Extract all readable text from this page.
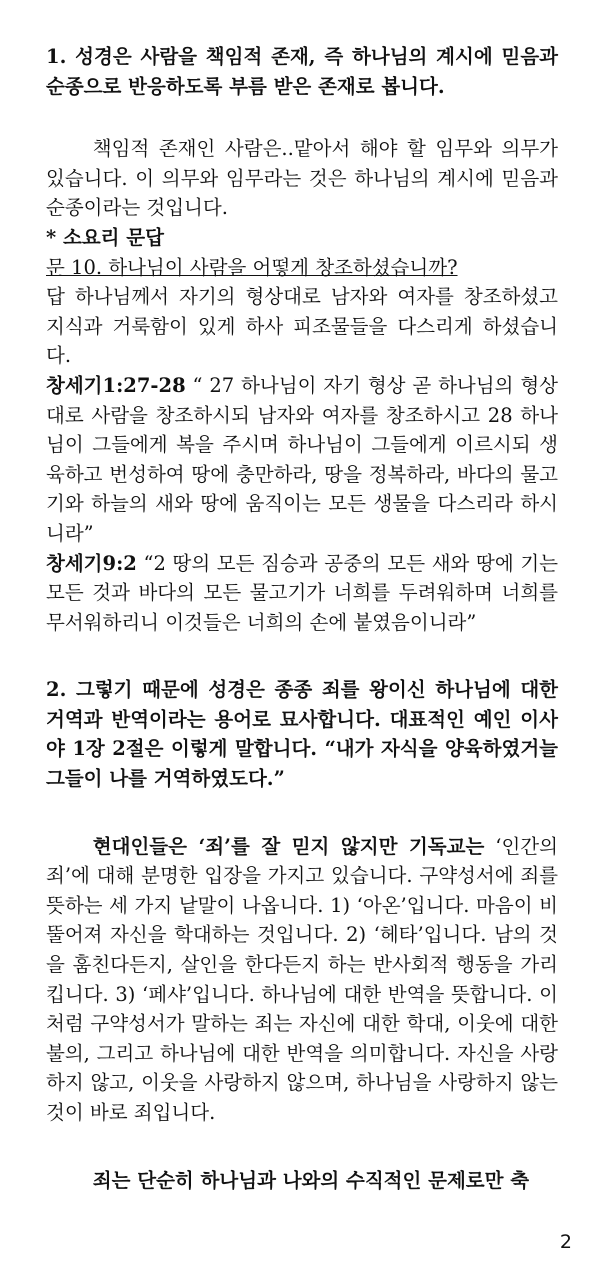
1. 성경은 사람을 책임적 존재, 즉 하나님의 계시에 믿음과 순종으로 반응하도록 부름 받은 존재로 봅니다.

책임적 존재인 사람은..맡아서 해야 할 임무와 의무가 있습니다. 이 의무와 임무라는 것은 하나님의 계시에 믿음과 순종이라는 것입니다.

* 소요리 문답

문 10. 하나님이 사람을 어떻게 창조하셨습니까?

답 하나님께서 자기의 형상대로 남자와 여자를 창조하셨고 지식과 거룩함이 있게 하사 피조물들을 다스리게 하셨습니다.

창세기1:27-28 “ 27 하나님이 자기 형상 곧 하나님의 형상대로 사람을 창조하시되 남자와 여자를 창조하시고 28 하나님이 그들에게 복을 주시며 하나님이 그들에게 이르시되 생육하고 번성하여 땅에 충만하라, 땅을 정복하라, 바다의 물고기와 하늘의 새와 땅에 움직이는 모든 생물을 다스리라 하시니라”

창세기9:2 “2 땅의 모든 짐승과 공중의 모든 새와 땅에 기는 모든 것과 바다의 모든 물고기가 너희를 두려워하며 너희를 무서워하리니 이것들은 너희의 손에 붙였음이니라”

2. 그렇기 때문에 성경은 종종 죄를 왕이신 하나님에 대한 거역과 반역이라는 용어로 묘사합니다. 대표적인 예인 이사야 1장 2절은 이렇게 말합니다. “내가 자식을 양육하였거늘 그들이 나를 거역하였도다.”

현대인들은 ‘죄’를 잘 믿지 않지만 기독교는 ‘인간의 죄’에 대해 분명한 입장을 가지고 있습니다. 구약성서에 죄를 뜻하는 세 가지 낱말이 나옵니다. 1) ‘아온’입니다. 마음이 비뚤어져 자신을 학대하는 것입니다. 2) ‘헤타’입니다. 남의 것을 훔친다든지, 살인을 한다든지 하는 반사회적 행동을 가리킵니다. 3) ‘페샤’입니다. 하나님에 대한 반역을 뜻합니다. 이처럼 구약성서가 말하는 죄는 자신에 대한 학대, 이웃에 대한 불의, 그리고 하나님에 대한 반역을 의미합니다. 자신을 사랑하지 않고, 이웃을 사랑하지 않으며, 하나님을 사랑하지 않는 것이 바로 죄입니다.

죄는 단순히 하나님과 나와의 수직적인 문제로만 축

2
